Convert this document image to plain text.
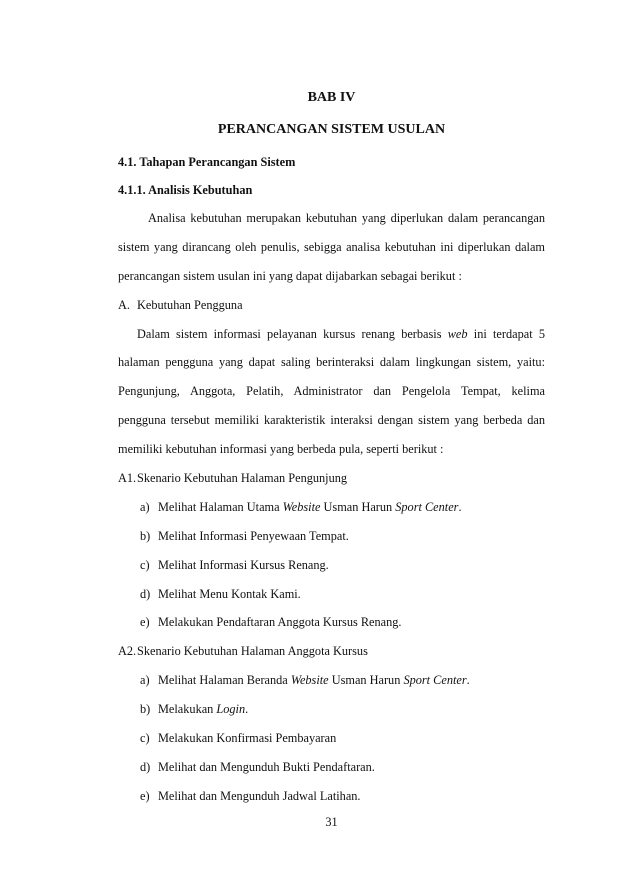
BAB IV
PERANCANGAN SISTEM USULAN
4.1. Tahapan Perancangan Sistem
4.1.1. Analisis Kebutuhan
Analisa kebutuhan merupakan kebutuhan yang diperlukan dalam perancangan
sistem yang dirancang oleh penulis, sebigga analisa kebutuhan ini diperlukan dalam
perancangan sistem usulan ini yang dapat dijabarkan sebagai berikut :
A. Kebutuhan Pengguna
Dalam sistem informasi pelayanan kursus renang berbasis web ini terdapat 5
halaman pengguna yang dapat saling berinteraksi dalam lingkungan sistem, yaitu:
Pengunjung, Anggota, Pelatih, Administrator dan Pengelola Tempat, kelima
pengguna tersebut memiliki karakteristik interaksi dengan sistem yang berbeda dan
memiliki kebutuhan informasi yang berbeda pula, seperti berikut :
A1.Skenario Kebutuhan Halaman Pengunjung
a) Melihat Halaman Utama Website Usman Harun Sport Center.
b) Melihat Informasi Penyewaan Tempat.
c) Melihat Informasi Kursus Renang.
d) Melihat Menu Kontak Kami.
e) Melakukan Pendaftaran Anggota Kursus Renang.
A2.Skenario Kebutuhan Halaman Anggota Kursus
a) Melihat Halaman Beranda Website Usman Harun Sport Center.
b) Melakukan Login.
c) Melakukan Konfirmasi Pembayaran
d) Melihat dan Mengunduh Bukti Pendaftaran.
e) Melihat dan Mengunduh Jadwal Latihan.
31
